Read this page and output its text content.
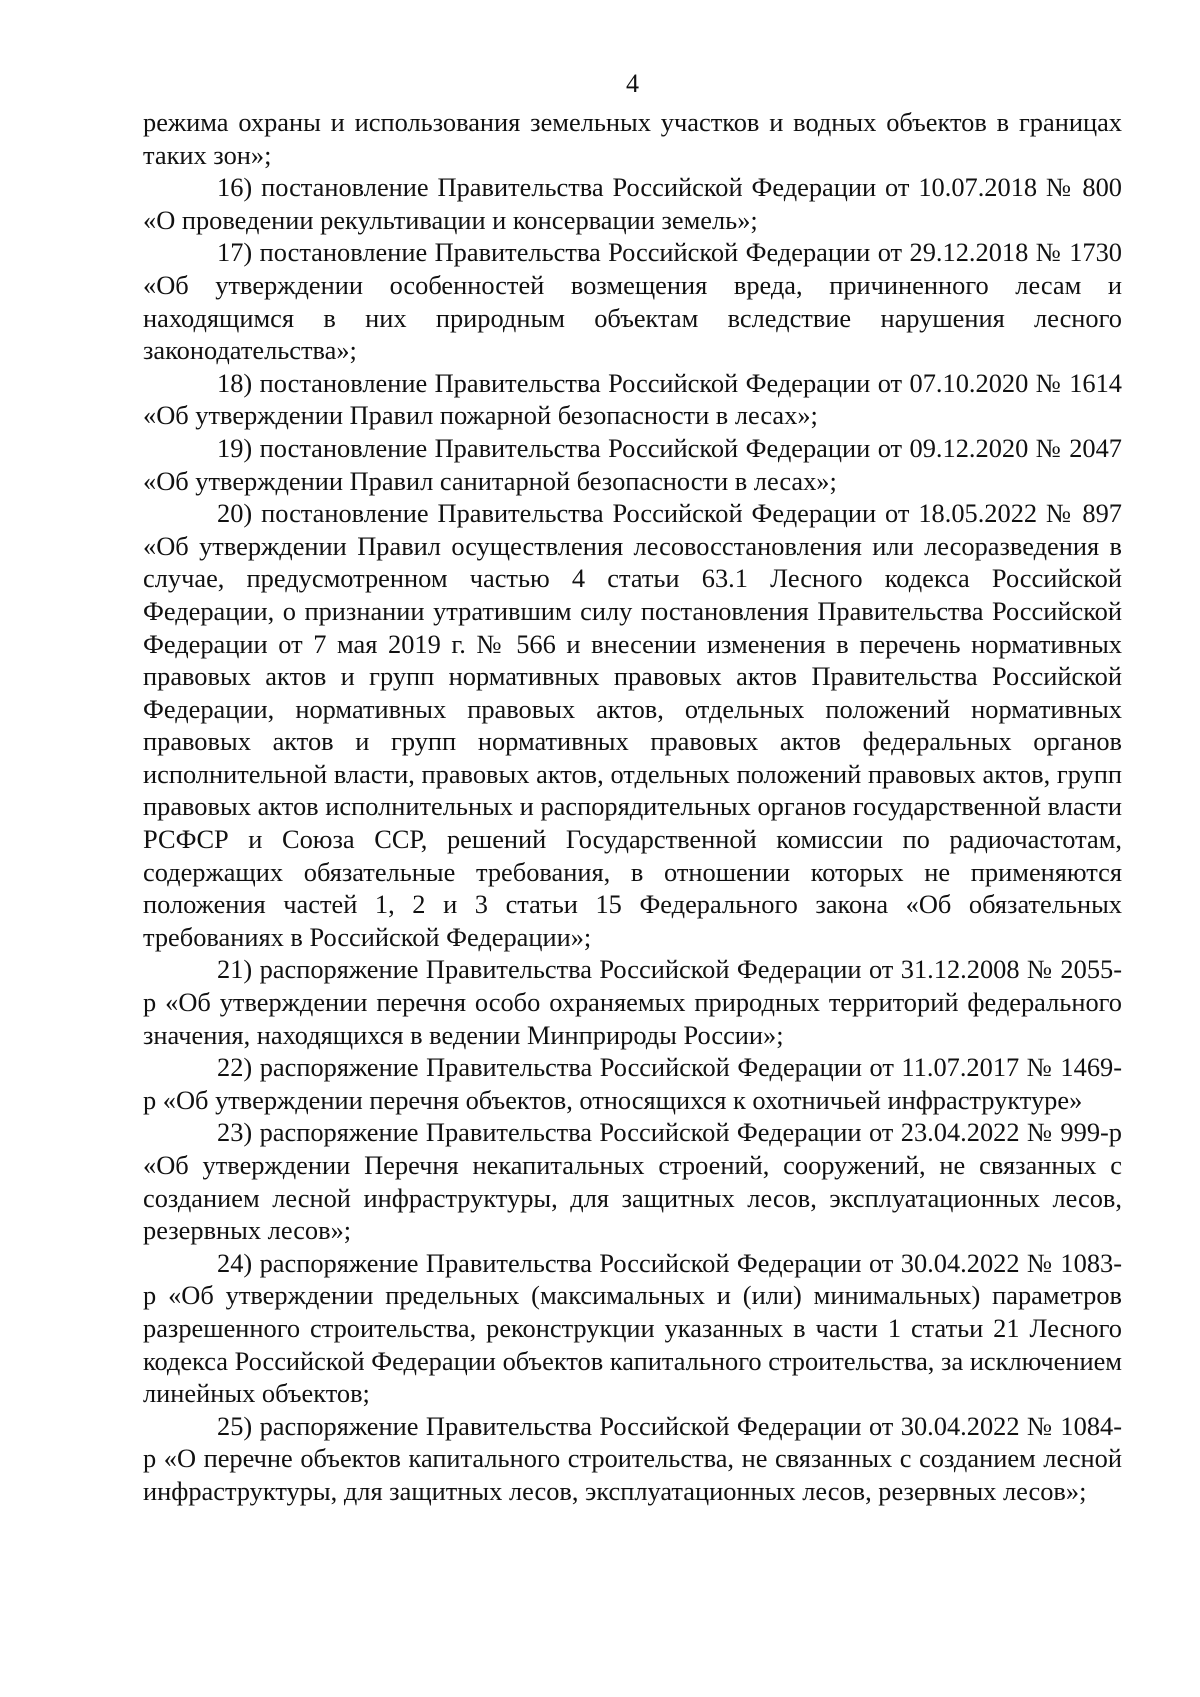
4

режима охраны и использования земельных участков и водных объектов в границах таких зон»;

16) постановление Правительства Российской Федерации от 10.07.2018 № 800 «О проведении рекультивации и консервации земель»;

17) постановление Правительства Российской Федерации от 29.12.2018 № 1730 «Об утверждении особенностей возмещения вреда, причиненного лесам и находящимся в них природным объектам вследствие нарушения лесного законодательства»;

18) постановление Правительства Российской Федерации от 07.10.2020 № 1614 «Об утверждении Правил пожарной безопасности в лесах»;

19) постановление Правительства Российской Федерации от 09.12.2020 № 2047 «Об утверждении Правил санитарной безопасности в лесах»;

20) постановление Правительства Российской Федерации от 18.05.2022 № 897 «Об утверждении Правил осуществления лесовосстановления или лесоразведения в случае, предусмотренном частью 4 статьи 63.1 Лесного кодекса Российской Федерации, о признании утратившим силу постановления Правительства Российской Федерации от 7 мая 2019 г. № 566 и внесении изменения в перечень нормативных правовых актов и групп нормативных правовых актов Правительства Российской Федерации, нормативных правовых актов, отдельных положений нормативных правовых актов и групп нормативных правовых актов федеральных органов исполнительной власти, правовых актов, отдельных положений правовых актов, групп правовых актов исполнительных и распорядительных органов государственной власти РСФСР и Союза ССР, решений Государственной комиссии по радиочастотам, содержащих обязательные требования, в отношении которых не применяются положения частей 1, 2 и 3 статьи 15 Федерального закона «Об обязательных требованиях в Российской Федерации»;

21) распоряжение Правительства Российской Федерации от 31.12.2008 № 2055-р «Об утверждении перечня особо охраняемых природных территорий федерального значения, находящихся в ведении Минприроды России»;

22) распоряжение Правительства Российской Федерации от 11.07.2017 № 1469-р «Об утверждении перечня объектов, относящихся к охотничьей инфраструктуре»

23) распоряжение Правительства Российской Федерации от 23.04.2022 № 999-р «Об утверждении Перечня некапитальных строений, сооружений, не связанных с созданием лесной инфраструктуры, для защитных лесов, эксплуатационных лесов, резервных лесов»;

24) распоряжение Правительства Российской Федерации от 30.04.2022 № 1083-р «Об утверждении предельных (максимальных и (или) минимальных) параметров разрешенного строительства, реконструкции указанных в части 1 статьи 21 Лесного кодекса Российской Федерации объектов капитального строительства, за исключением линейных объектов;

25) распоряжение Правительства Российской Федерации от 30.04.2022 № 1084-р «О перечне объектов капитального строительства, не связанных с созданием лесной инфраструктуры, для защитных лесов, эксплуатационных лесов, резервных лесов»;
